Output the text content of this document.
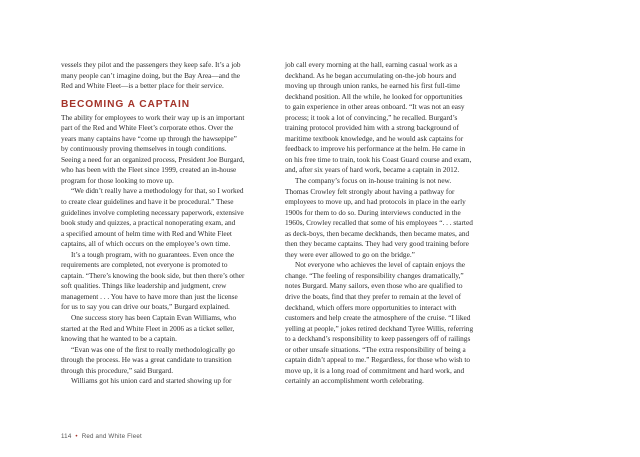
vessels they pilot and the passengers they keep safe. It’s a job
many people can’t imagine doing, but the Bay Area—and the
Red and White Fleet—is a better place for their service.

BECOMING A CAPTAIN

The ability for employees to work their way up is an important
part of the Red and White Fleet’s corporate ethos. Over the
years many captains have “come up through the hawsepipe”
by continuously proving themselves in tough conditions.
Seeing a need for an organized process, President Joe Burgard,
who has been with the Fleet since 1999, created an in-house
program for those looking to move up.

“We didn’t really have a methodology for that, so I worked
to create clear guidelines and have it be procedural.” These
guidelines involve completing necessary paperwork, extensive
book study and quizzes, a practical nonoperating exam, and
a specified amount of helm time with Red and White Fleet
captains, all of which occurs on the employee’s own time.

It’s a tough program, with no guarantees. Even once the
requirements are completed, not everyone is promoted to
captain. “There’s knowing the book side, but then there’s other
soft qualities. Things like leadership and judgment, crew
management . . . You have to have more than just the license
for us to say you can drive our boats,” Burgard explained.

One success story has been Captain Evan Williams, who
started at the Red and White Fleet in 2006 as a ticket seller,
knowing that he wanted to be a captain.

“Evan was one of the first to really methodologically go
through the process. He was a great candidate to transition
through this procedure,” said Burgard.

Williams got his union card and started showing up for

job call every morning at the hall, earning casual work as a
deckhand. As he began accumulating on-the-job hours and
moving up through union ranks, he earned his first full-time
deckhand position. All the while, he looked for opportunities
to gain experience in other areas onboard. “It was not an easy
process; it took a lot of convincing,” he recalled. Burgard’s
training protocol provided him with a strong background of
maritime textbook knowledge, and he would ask captains for
feedback to improve his performance at the helm. He came in
on his free time to train, took his Coast Guard course and exam,
and, after six years of hard work, became a captain in 2012.

The company’s focus on in-house training is not new.
Thomas Crowley felt strongly about having a pathway for
employees to move up, and had protocols in place in the early
1900s for them to do so. During interviews conducted in the
1960s, Crowley recalled that some of his employees “. . . started
as deck-boys, then became deckhands, then became mates, and
then they became captains. They had very good training before
they were ever allowed to go on the bridge.”

Not everyone who achieves the level of captain enjoys the
change. “The feeling of responsibility changes dramatically,”
notes Burgard. Many sailors, even those who are qualified to
drive the boats, find that they prefer to remain at the level of
deckhand, which offers more opportunities to interact with
customers and help create the atmosphere of the cruise. “I liked
yelling at people,” jokes retired deckhand Tyree Willis, referring
to a deckhand’s responsibility to keep passengers off of railings
or other unsafe situations. “The extra responsibility of being a
captain didn’t appeal to me.” Regardless, for those who wish to
move up, it is a long road of commitment and hard work, and
certainly an accomplishment worth celebrating.

114 • Red and White Fleet
